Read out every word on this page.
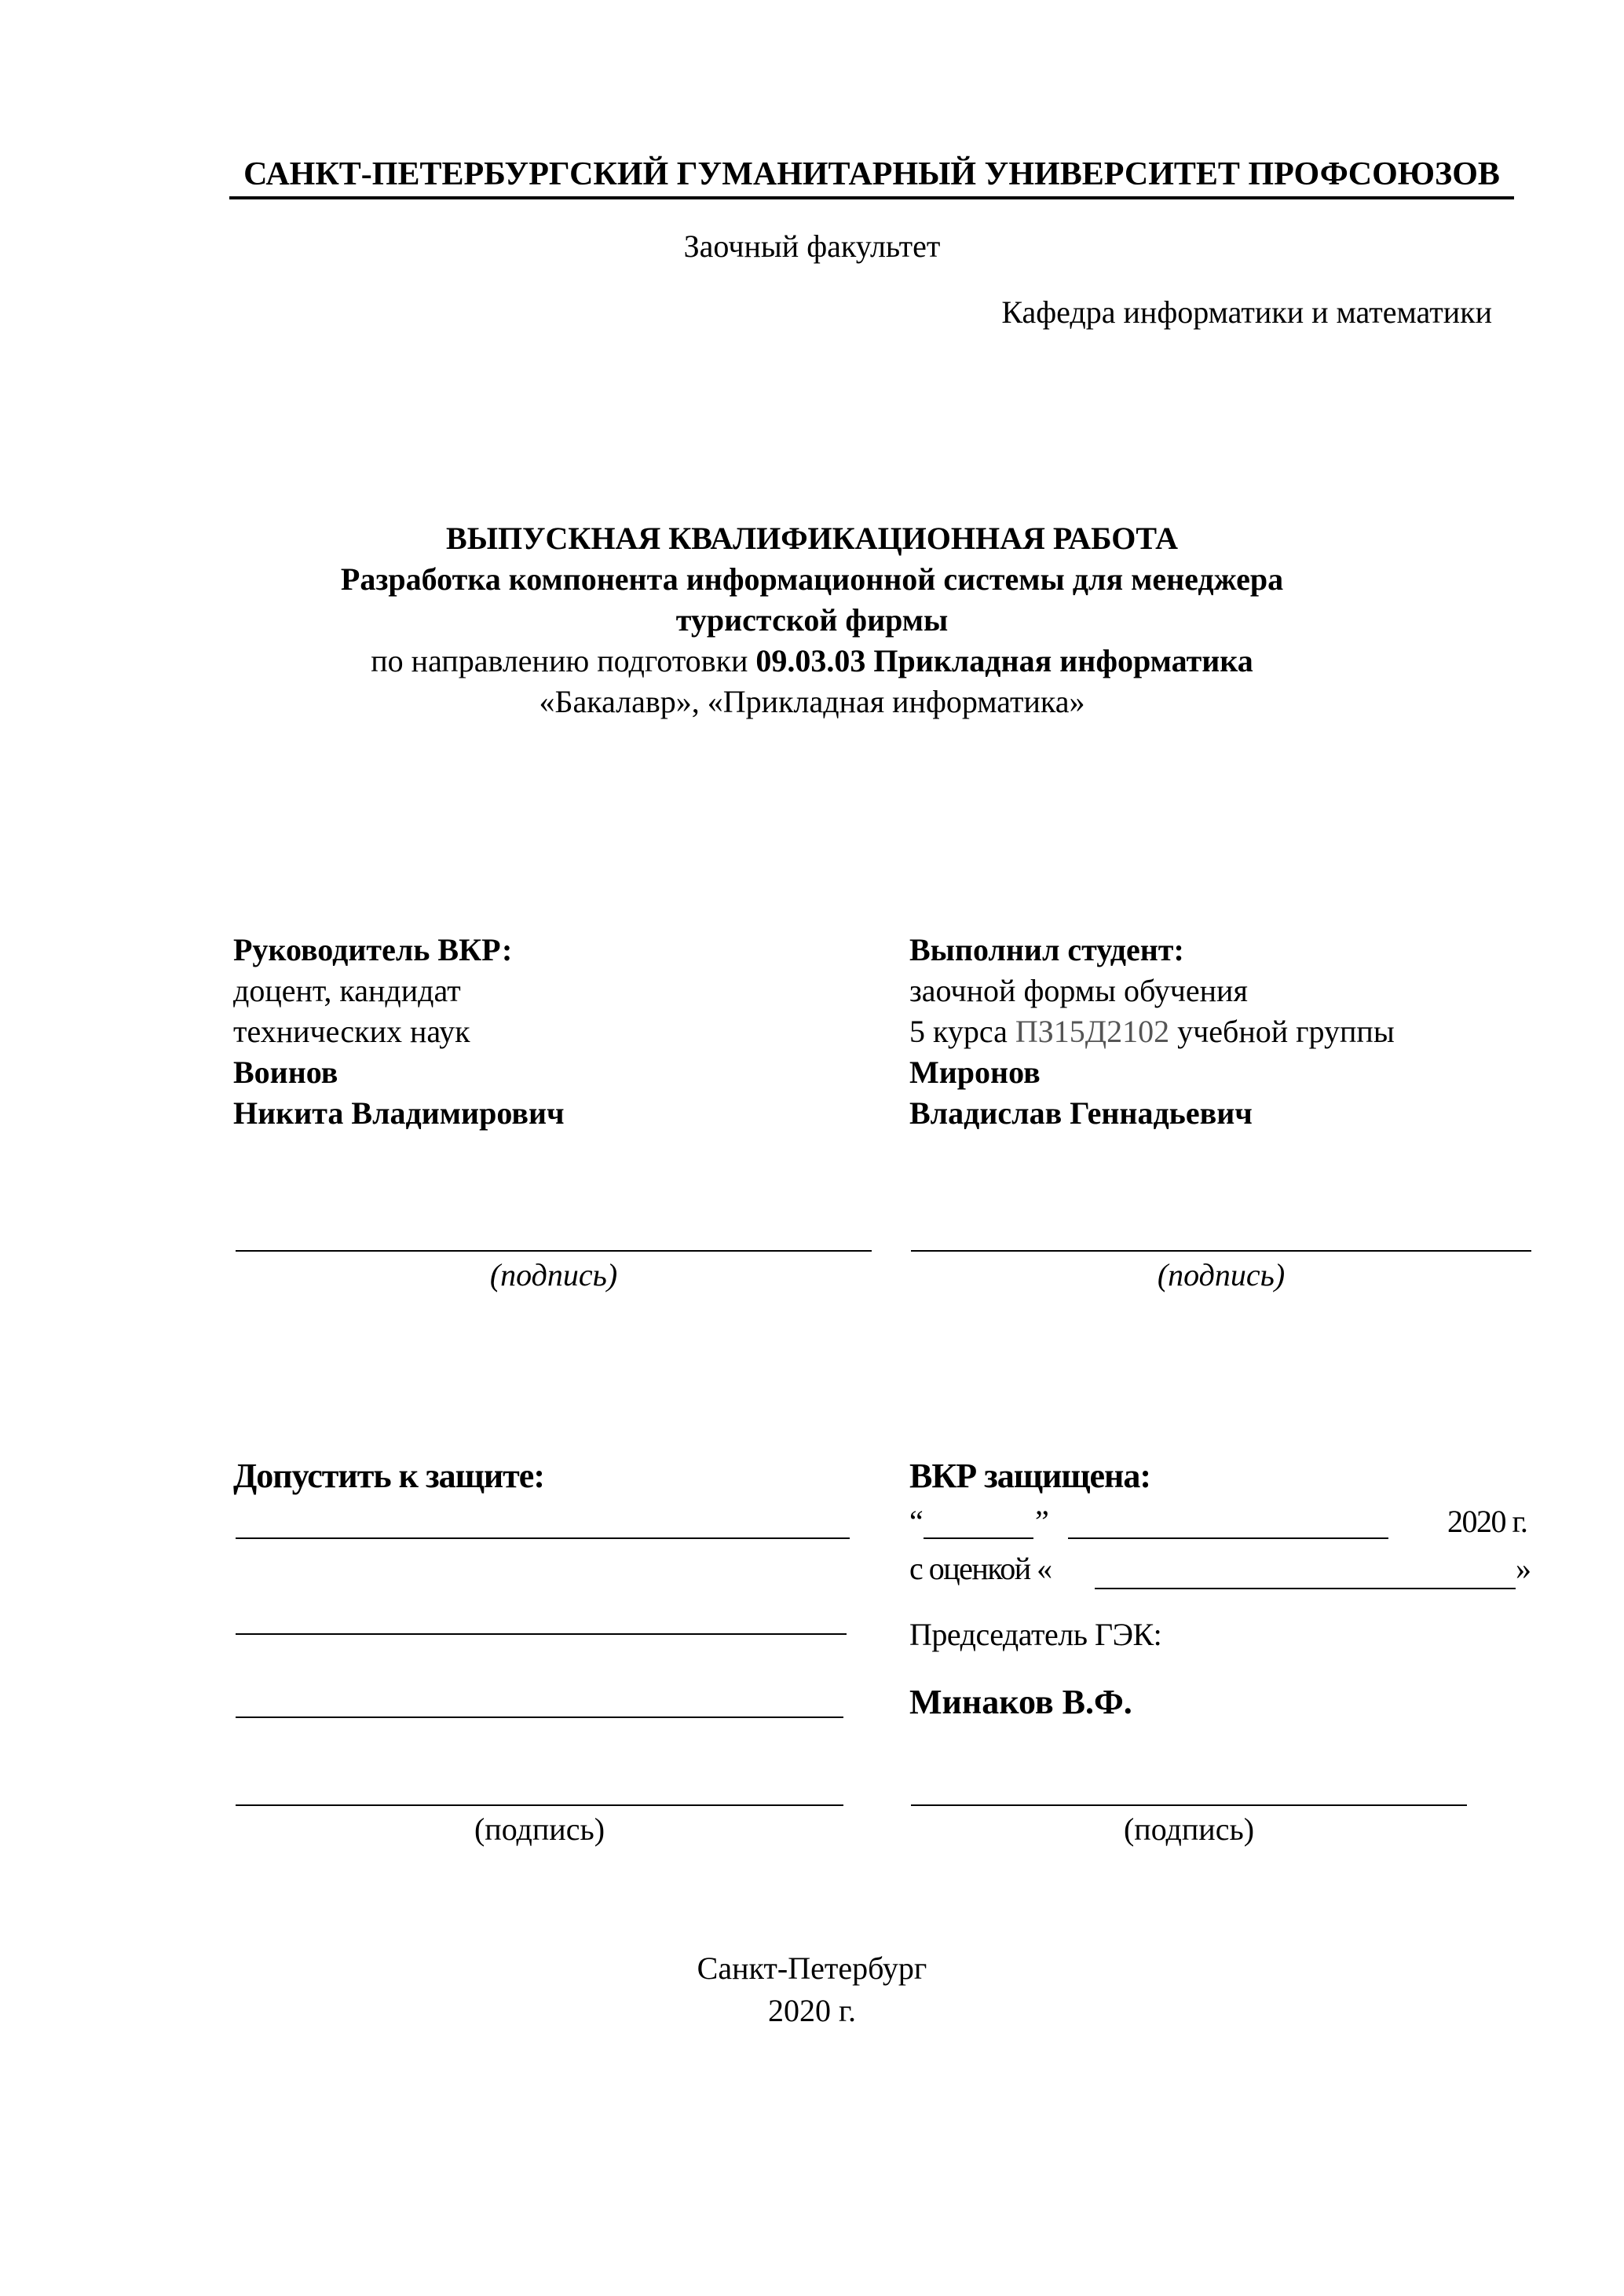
САНКТ-ПЕТЕРБУРГСКИЙ ГУМАНИТАРНЫЙ УНИВЕРСИТЕТ ПРОФСОЮЗОВ
Заочный факультет
Кафедра информатики и математики
ВЫПУСКНАЯ КВАЛИФИКАЦИОННАЯ РАБОТА
Разработка компонента информационной системы для менеджера
туристской фирмы
по направлению подготовки 09.03.03 Прикладная информатика
«Бакалавр», «Прикладная информатика»
Руководитель ВКР:
доцент, кандидат
технических наук
Воинов
Никита Владимирович
Выполнил студент:
заочной формы обучения
5 курса ПЗ15Д2102 учебной группы
Миронов
Владислав Геннадьевич
(подпись)	(подпись)
Допустить к защите:
(подпись)
ВКР защищена:
“	”	2020 г.
с оценкой «	»
Председатель ГЭК:
Минаков В.Ф.
(подпись)
Санкт-Петербург
2020 г.
